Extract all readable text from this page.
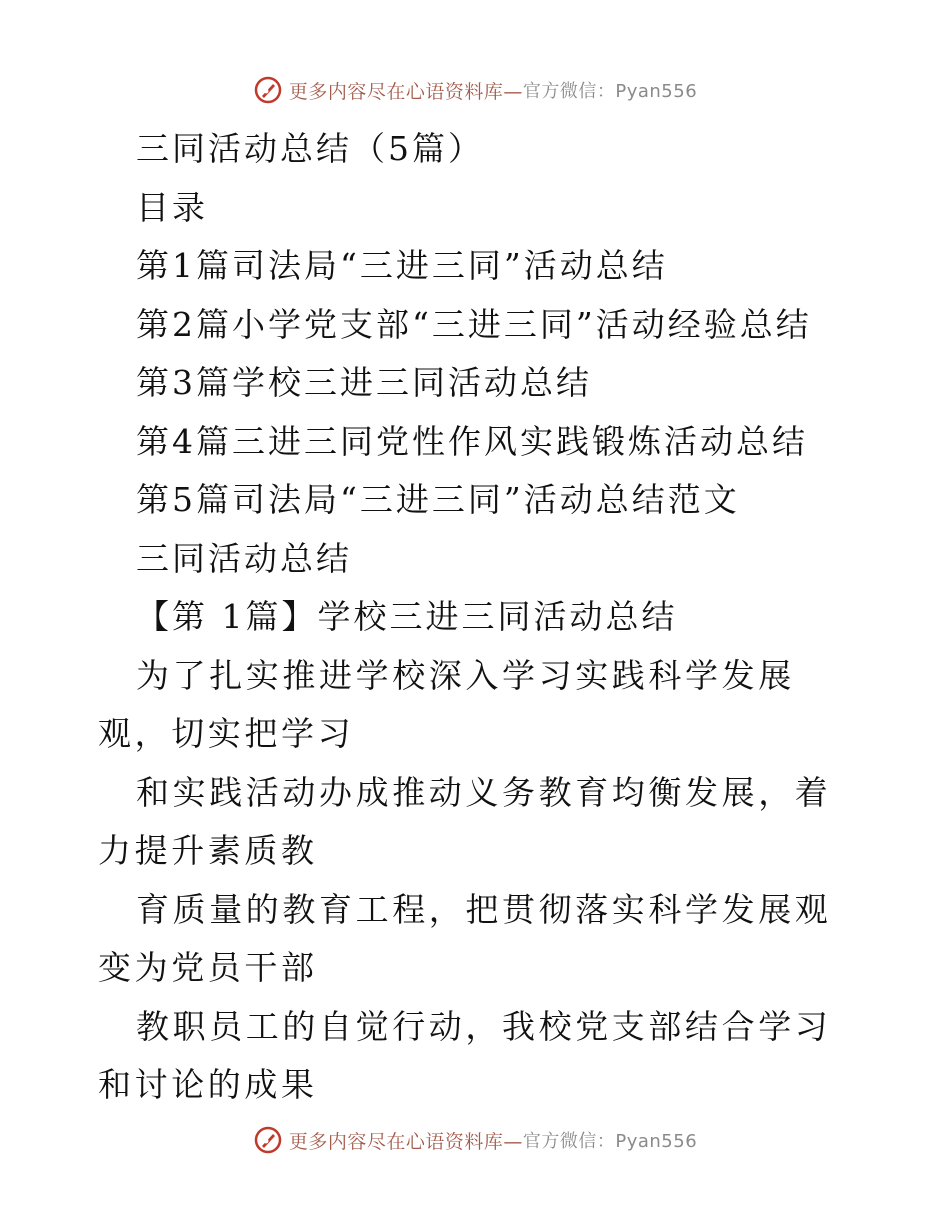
更多内容尽在心语资料库— 官方微信：Pyan556

三同活动总结（5篇）

目录

第1篇司法局“三进三同”活动总结

第2篇小学党支部“三进三同”活动经验总结

第3篇学校三进三同活动总结

第4篇三进三同党性作风实践锻炼活动总结

第5篇司法局“三进三同”活动总结范文

三同活动总结

【第 1篇】学校三进三同活动总结

为了扎实推进学校深入学习实践科学发展观，切实把学习

和实践活动办成推动义务教育均衡发展，着力提升素质教

育质量的教育工程，把贯彻落实科学发展观变为党员干部

教职员工的自觉行动，我校党支部结合学习和讨论的成果

更多内容尽在心语资料库— 官方微信：Pyan556
